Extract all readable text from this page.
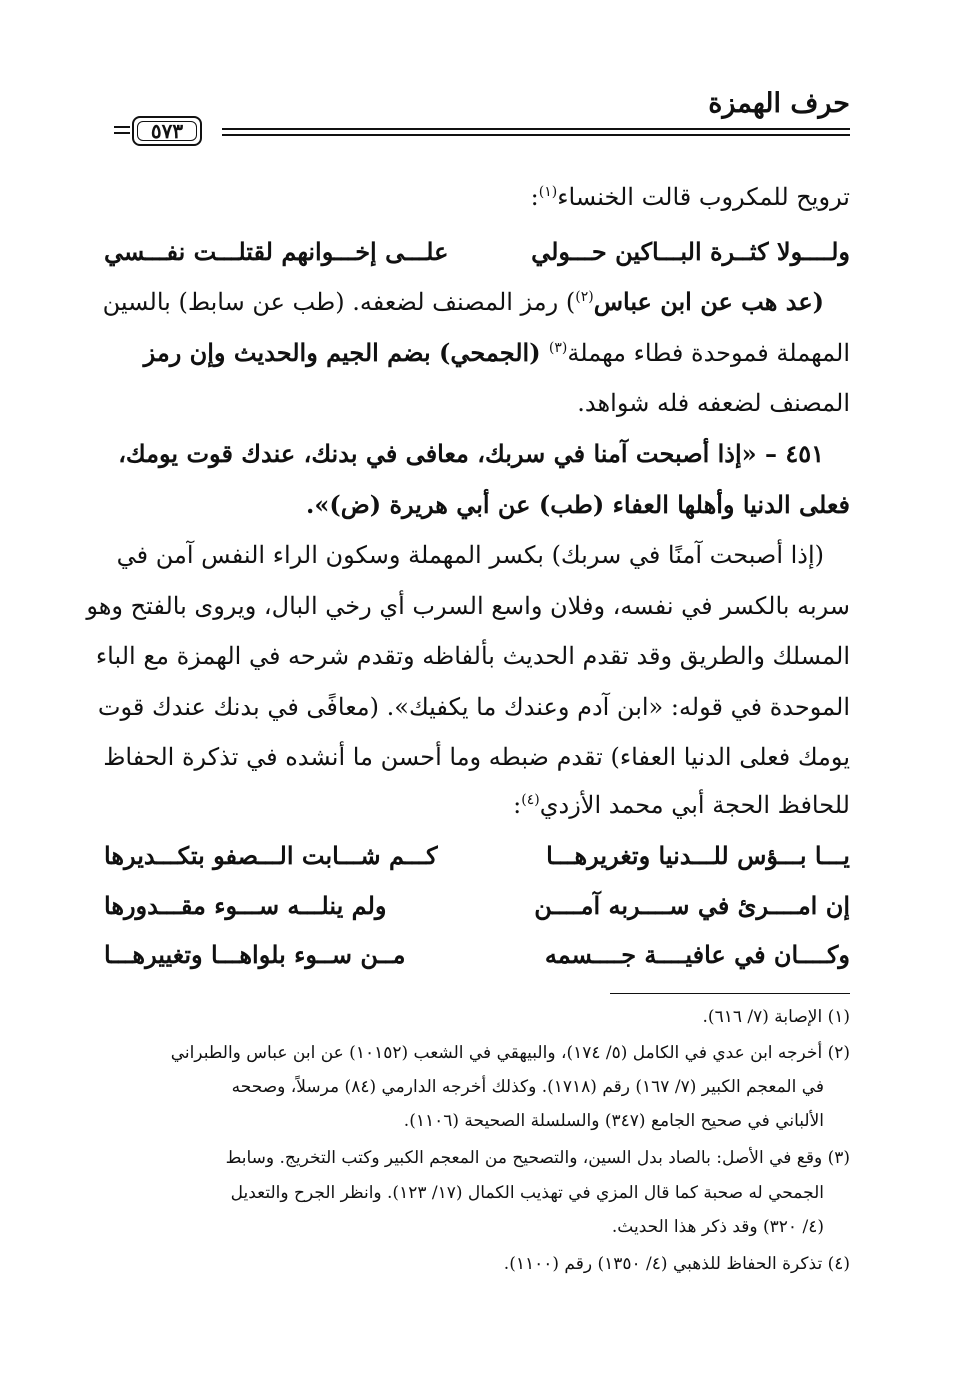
حرف الهمزة
٥٧٣
ترويح للمكروب قالت الخنساء$^{(١)}$:
ولــــولا كثــرة البـــاكين حـــولي
علـــى إخـــوانهم لقتلـــت نفـــسي
(عد هب عن ابن عباس$^{(٢)}$) رمز المصنف لضعفه. (طب عن سابط) بالسين
المهملة فموحدة فطاء مهملة$^{(٣)}$ (الجمحي) بضم الجيم والحديث وإن رمز
المصنف لضعفه فله شواهد.
٤٥١ – «إذا أصبحت آمنا في سربك، معافى في بدنك، عندك قوت يومك،
فعلى الدنيا وأهلها العفاء (طب) عن أبي هريرة (ض)».
(إذا أصبحت آمنًا في سربك) بكسر المهملة وسكون الراء النفس آمن في
سربه بالكسر في نفسه، وفلان واسع السرب أي رخي البال، ويروى بالفتح وهو
المسلك والطريق وقد تقدم الحديث بألفاظه وتقدم شرحه في الهمزة مع الباء
الموحدة في قوله: «ابن آدم وعندك ما يكفيك». (معافًى في بدنك عندك قوت
يومك فعلى الدنيا العفاء) تقدم ضبطه وما أحسن ما أنشده في تذكرة الحفاظ
للحافظ الحجة أبي محمد الأزدي$^{(٤)}$:
يـــا بـــؤس للـــدنيا وتغريرهـــا
كـــم شـــابت الـــصفو بتكـــديرها
إن امــــرئ في ســــربه آمــــن
ولم ينلـــه ســـوء مقـــدورها
وكــــان في عافيــــة جــــسمه
مــن ســوء بلواهـــا وتغييرهـــا
(١) الإصابة (٧/ ٦١٦).
(٢) أخرجه ابن عدي في الكامل (٥/ ١٧٤)، والبيهقي في الشعب (١٠١٥٢) عن ابن عباس والطبراني
في المعجم الكبير (٧/ ١٦٧) رقم (١٧١٨). وكذلك أخرجه الدارمي (٨٤) مرسلاً، وصححه
الألباني في صحيح الجامع (٣٤٧) والسلسلة الصحيحة (١١٠٦).
(٣) وقع في الأصل: بالصاد بدل السين، والتصحيح من المعجم الكبير وكتب التخريج. وسابط
الجمحي له صحبة كما قال المزي في تهذيب الكمال (١٧/ ١٢٣). وانظر الجرح والتعديل
(٤/ ٣٢٠) وقد ذكر هذا الحديث.
(٤) تذكرة الحفاظ للذهبي (٤/ ١٣٥٠) رقم (١١٠٠).
